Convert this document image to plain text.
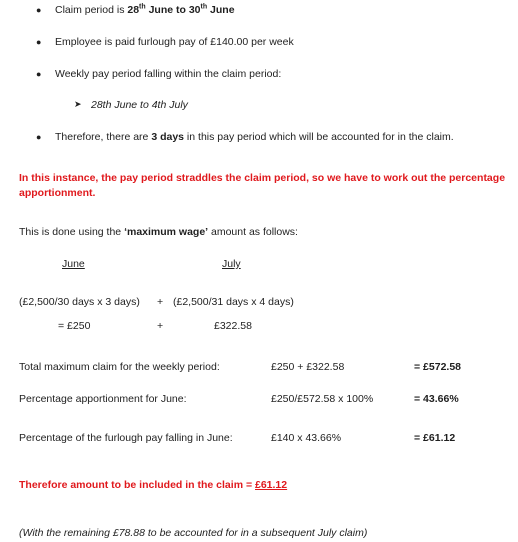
● Claim period is 28th June to 30th June
● Employee is paid furlough pay of £140.00 per week
● Weekly pay period falling within the claim period:
➤ 28th June to 4th July
● Therefore, there are 3 days in this pay period which will be accounted for in the claim.
In this instance, the pay period straddles the claim period, so we have to work out the percentage
apportionment.
This is done using the ‘maximum wage’ amount as follows:
June	July
(£2,500/30 days x 3 days) + (£2,500/31 days x 4 days)
= £250	+	£322.58
Total maximum claim for the weekly period:	£250 + £322.58	= £572.58
Percentage apportionment for June:	£250/£572.58 x 100%	= 43.66%
Percentage of the furlough pay falling in June:	£140 x 43.66%	= £61.12
Therefore amount to be included in the claim = £61.12
(With the remaining £78.88 to be accounted for in a subsequent July claim)
